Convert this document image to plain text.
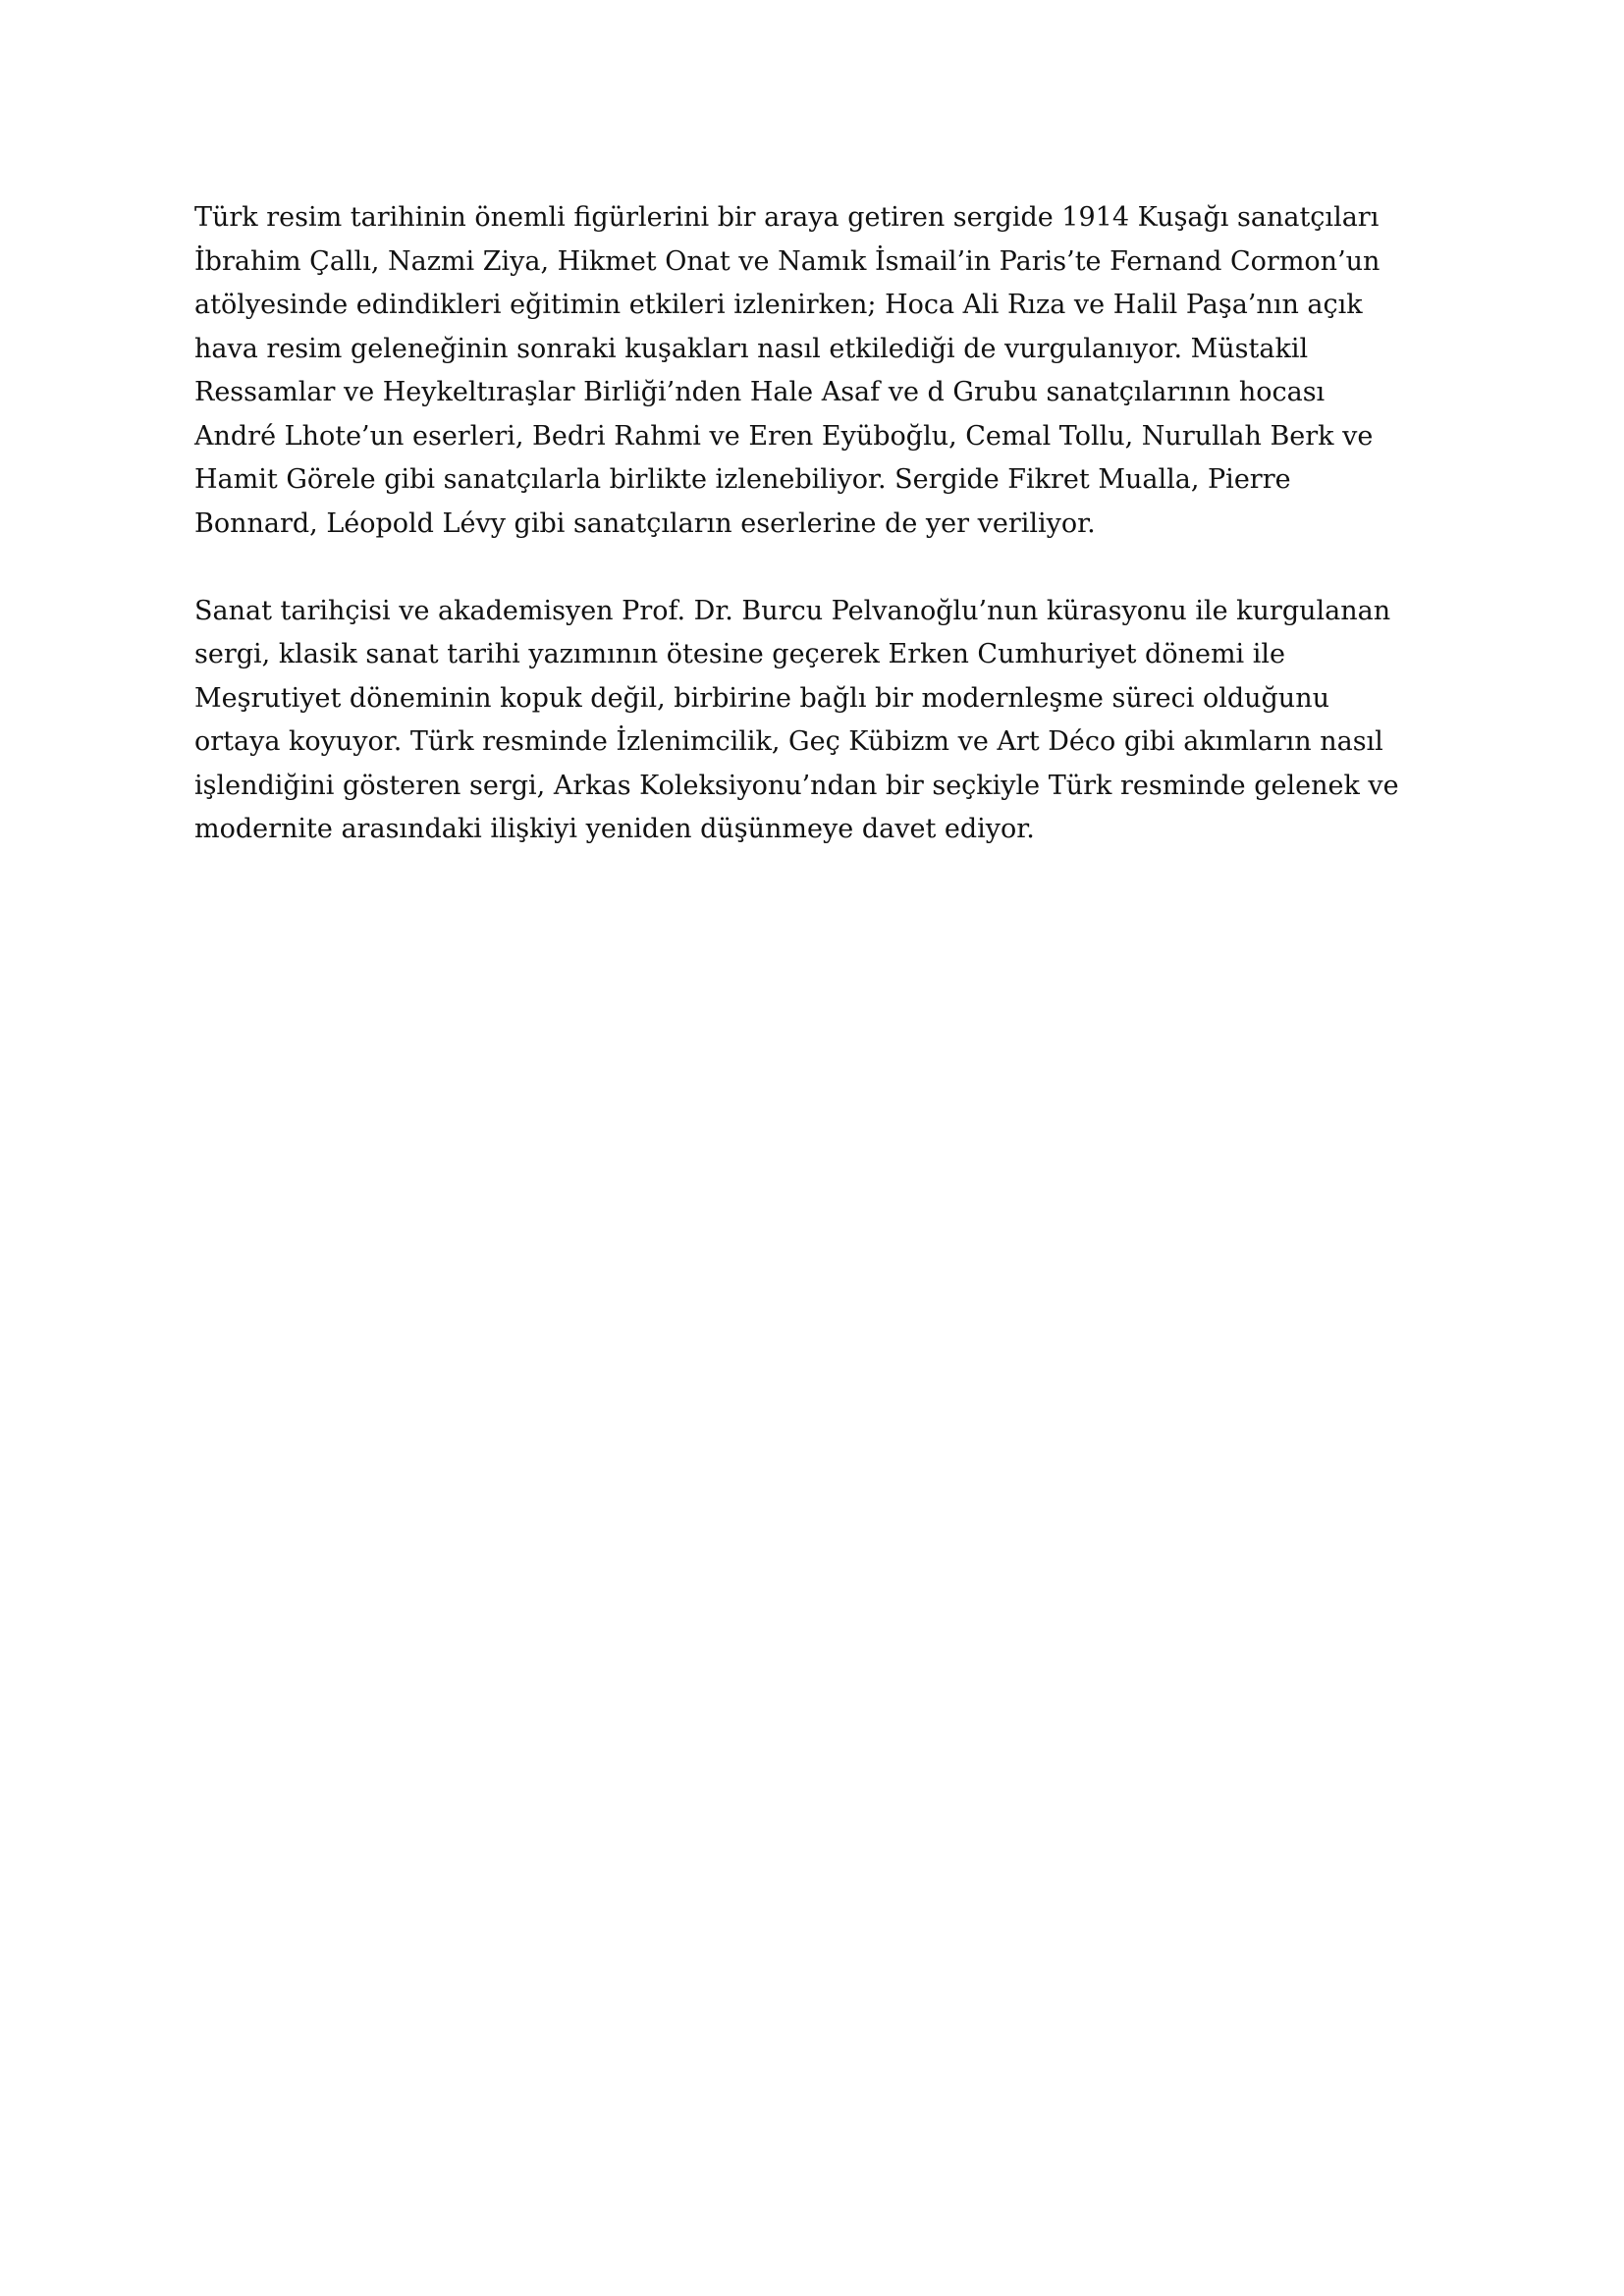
Türk resim tarihinin önemli figürlerini bir araya getiren sergide 1914 Kuşağı sanatçıları
İbrahim Çallı, Nazmi Ziya, Hikmet Onat ve Namık İsmail’in Paris’te Fernand Cormon’un
atölyesinde edindikleri eğitimin etkileri izlenirken; Hoca Ali Rıza ve Halil Paşa’nın açık
hava resim geleneğinin sonraki kuşakları nasıl etkilediği de vurgulanıyor. Müstakil
Ressamlar ve Heykeltıraşlar Birliği’nden Hale Asaf ve d Grubu sanatçılarının hocası
André Lhote’un eserleri, Bedri Rahmi ve Eren Eyüboğlu, Cemal Tollu, Nurullah Berk ve
Hamit Görele gibi sanatçılarla birlikte izlenebiliyor. Sergide Fikret Mualla, Pierre
Bonnard, Léopold Lévy gibi sanatçıların eserlerine de yer veriliyor.

Sanat tarihçisi ve akademisyen Prof. Dr. Burcu Pelvanoğlu’nun kürasyonu ile kurgulanan
sergi, klasik sanat tarihi yazımının ötesine geçerek Erken Cumhuriyet dönemi ile
Meşrutiyet döneminin kopuk değil, birbirine bağlı bir modernleşme süreci olduğunu
ortaya koyuyor. Türk resminde İzlenimcilik, Geç Kübizm ve Art Déco gibi akımların nasıl
işlendiğini gösteren sergi, Arkas Koleksiyonu’ndan bir seçkiyle Türk resminde gelenek ve
modernite arasındaki ilişkiyi yeniden düşünmeye davet ediyor.
